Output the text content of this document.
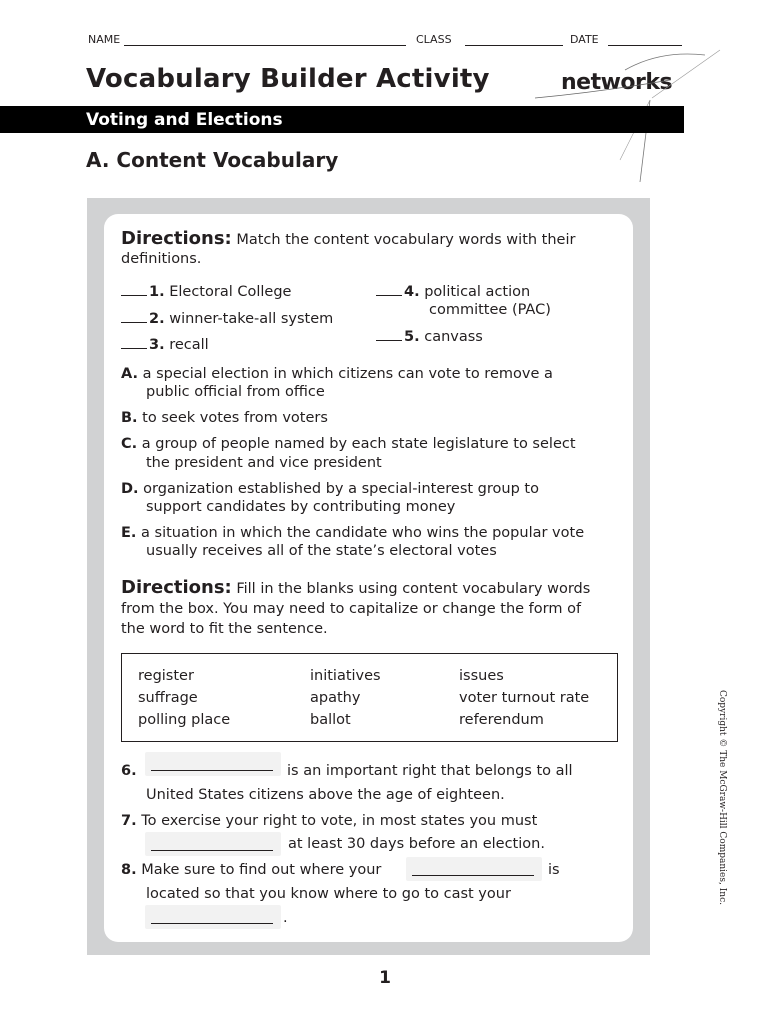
NAME	CLASS	DATE
Vocabulary Builder Activity	networks
Voting and Elections
A. Content Vocabulary
Directions: Match the content vocabulary words with their
definitions.
1. Electoral College
2. winner-take-all system
3. recall
4. political action
committee (PAC)
5. canvass
A. a special election in which citizens can vote to remove a
public official from office
B. to seek votes from voters
C. a group of people named by each state legislature to select
the president and vice president
D. organization established by a special-interest group to
support candidates by contributing money
E. a situation in which the candidate who wins the popular vote
usually receives all of the state’s electoral votes
Directions: Fill in the blanks using content vocabulary words
from the box. You may need to capitalize or change the form of
the word to fit the sentence.
register	initiatives	issues
suffrage	apathy	voter turnout rate
polling place	ballot	referendum
6.	is an important right that belongs to all
United States citizens above the age of eighteen.
7. To exercise your right to vote, in most states you must
at least 30 days before an election.
8. Make sure to find out where your	is
located so that you know where to go to cast your
.
Copyright © The McGraw-Hill Companies, Inc.
1
